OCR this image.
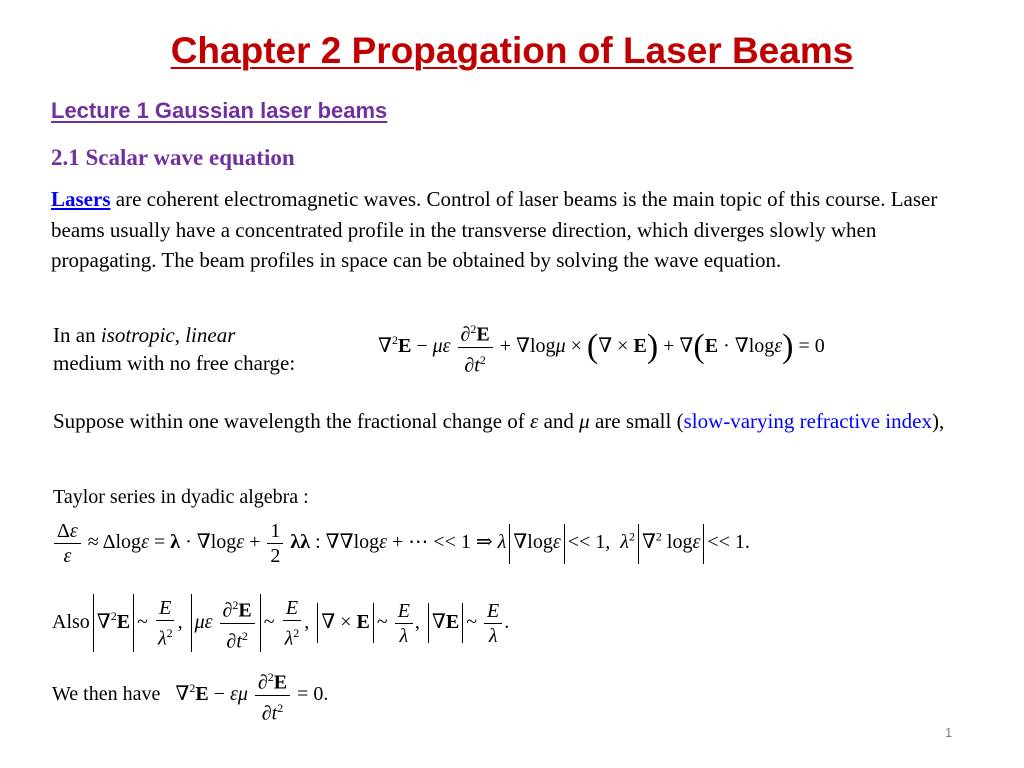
Chapter 2 Propagation of Laser Beams
Lecture 1 Gaussian laser beams
2.1 Scalar wave equation
Lasers are coherent electromagnetic waves. Control of laser beams is the main topic of this course. Laser beams usually have a concentrated profile in the transverse direction, which diverges slowly when propagating. The beam profiles in space can be obtained by solving the wave equation.
In an isotropic, linear
medium with no free charge:
∇$^2$E − με $\frac{\partial^2E}{\partial t^2} + \nabla\log\mu$ × (∇ × E) + ∇(E · ∇logε) = 0
Suppose within one wavelength the fractional change of ε and μ are small (slow-varying refractive index),
Taylor series in dyadic algebra :
$\frac{\Delta\varepsilon}{\varepsilon} \approx \Delta\log\varepsilon = \lambda \cdot \nabla\log\varepsilon + \frac{1}{2}$ λλ : ∇∇logε + ⋯ << 1 ⇒ λ ∇logε << 1,  $\lambda^2$ ∇$^2$ logε << 1.
Also ∇$^2$E ~ $\frac{E}{\lambda^2}$ , με $\frac{\partial^2E}{\partial t^2}$ ~ $\frac{E}{\lambda^2}$ , ∇ × E ~ $\frac{E}{\lambda}$ , ∇E ~ $\frac{E}{\lambda}$ .
We then have   ∇$^2$E − εμ $\frac{\partial^2E}{\partial t^2} = 0$.
1
